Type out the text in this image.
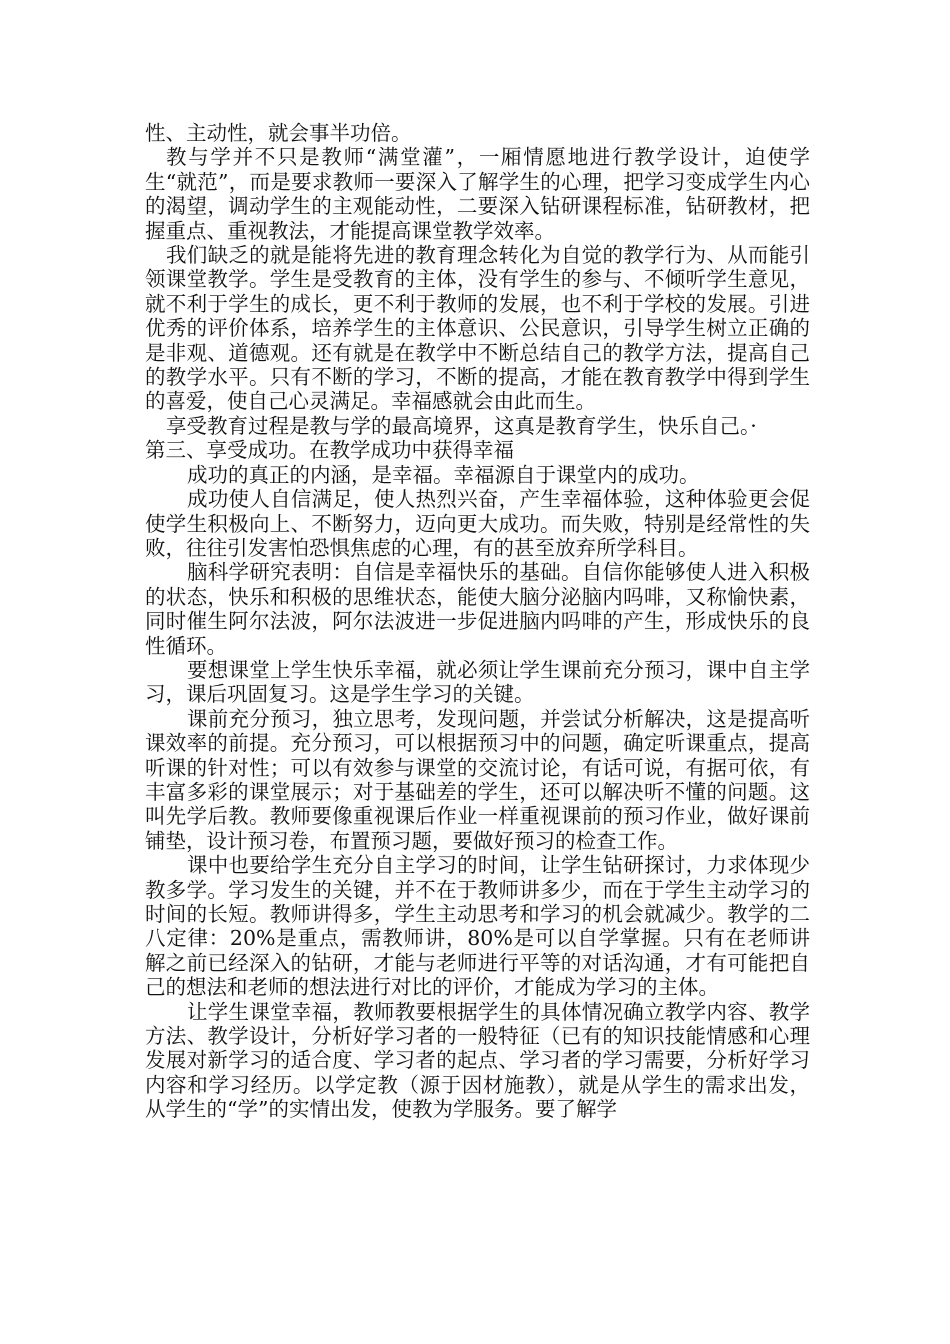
性、主动性，就会事半功倍。

教与学并不只是教师“满堂灌”，一厢情愿地进行教学设计，迫使学生“就范”，而是要求教师一要深入了解学生的心理，把学习变成学生内心的渴望，调动学生的主观能动性，二要深入钻研课程标准，钻研教材，把握重点、重视教法，才能提高课堂教学效率。

我们缺乏的就是能将先进的教育理念转化为自觉的教学行为、从而能引领课堂教学。学生是受教育的主体，没有学生的参与、不倾听学生意见，就不利于学生的成长，更不利于教师的发展，也不利于学校的发展。引进优秀的评价体系，培养学生的主体意识、公民意识，引导学生树立正确的是非观、道德观。还有就是在教学中不断总结自己的教学方法，提高自己的教学水平。只有不断的学习，不断的提高，才能在教育教学中得到学生的喜爱，使自己心灵满足。幸福感就会由此而生。

享受教育过程是教与学的最高境界，这真是教育学生，快乐自己。·

第三、享受成功。在教学成功中获得幸福

成功的真正的内涵，是幸福。幸福源自于课堂内的成功。

成功使人自信满足，使人热烈兴奋，产生幸福体验，这种体验更会促使学生积极向上、不断努力，迈向更大成功。而失败，特别是经常性的失败，往往引发害怕恐惧焦虑的心理，有的甚至放弃所学科目。

脑科学研究表明：自信是幸福快乐的基础。自信你能够使人进入积极的状态，快乐和积极的思维状态，能使大脑分泌脑内吗啡，又称愉快素，同时催生阿尔法波，阿尔法波进一步促进脑内吗啡的产生，形成快乐的良性循环。

要想课堂上学生快乐幸福，就必须让学生课前充分预习，课中自主学习，课后巩固复习。这是学生学习的关键。

课前充分预习，独立思考，发现问题，并尝试分析解决，这是提高听课效率的前提。充分预习，可以根据预习中的问题，确定听课重点，提高听课的针对性；可以有效参与课堂的交流讨论，有话可说，有据可依，有丰富多彩的课堂展示；对于基础差的学生，还可以解决听不懂的问题。这叫先学后教。教师要像重视课后作业一样重视课前的预习作业，做好课前铺垫，设计预习卷，布置预习题，要做好预习的检查工作。

课中也要给学生充分自主学习的时间，让学生钻研探讨，力求体现少教多学。学习发生的关键，并不在于教师讲多少，而在于学生主动学习的时间的长短。教师讲得多，学生主动思考和学习的机会就减少。教学的二八定律：20%是重点，需教师讲，80%是可以自学掌握。只有在老师讲解之前已经深入的钻研，才能与老师进行平等的对话沟通，才有可能把自己的想法和老师的想法进行对比的评价，才能成为学习的主体。

让学生课堂幸福，教师教要根据学生的具体情况确立教学内容、教学方法、教学设计，分析好学习者的一般特征（已有的知识技能情感和心理发展对新学习的适合度、学习者的起点、学习者的学习需要，分析好学习内容和学习经历。以学定教（源于因材施教），就是从学生的需求出发，从学生的“学”的实情出发，使教为学服务。要了解学
